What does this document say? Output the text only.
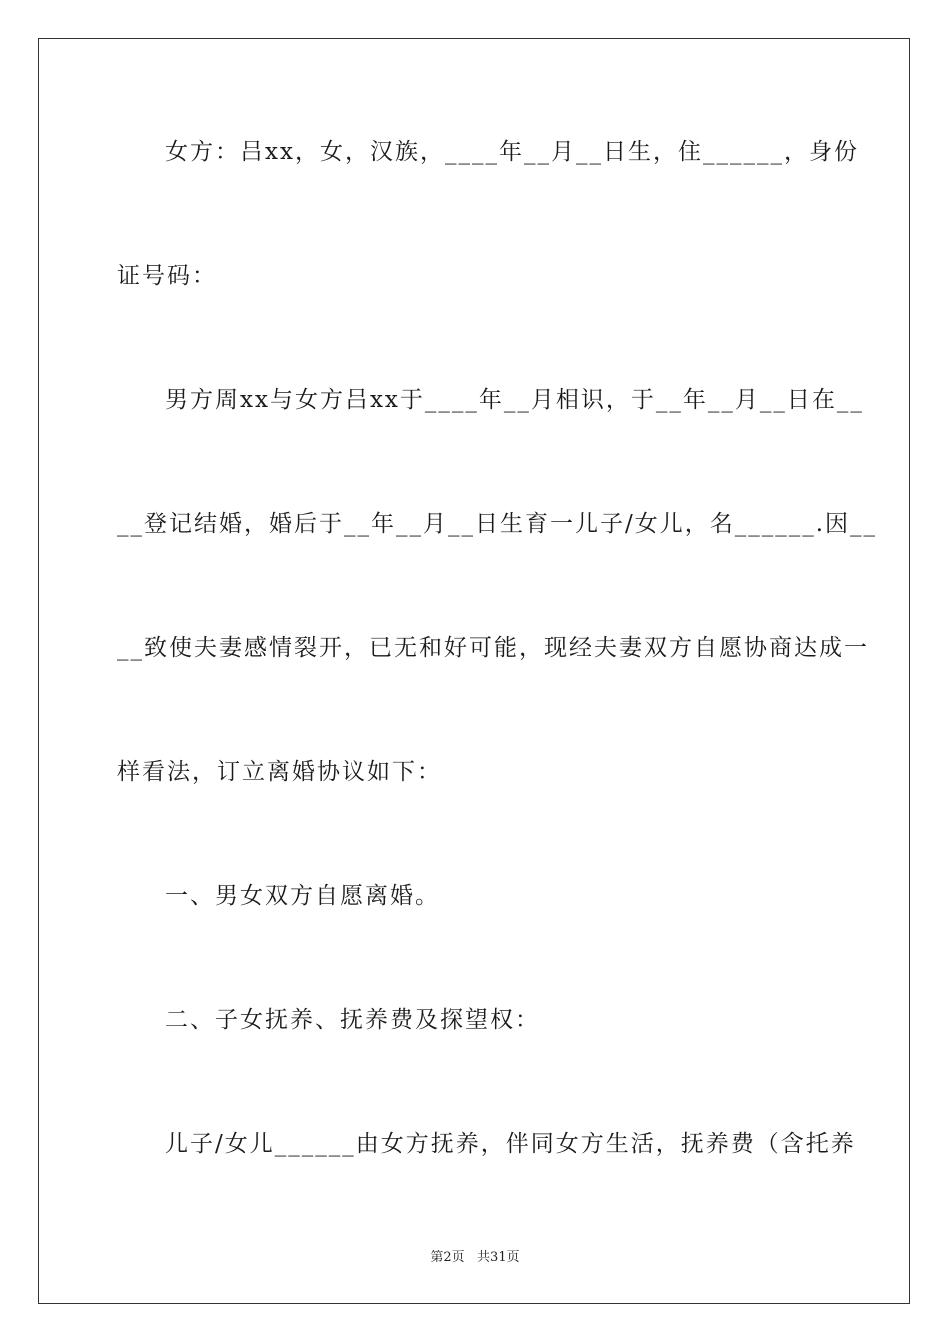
女方：吕xx，女，汉族，____年__月__日生，住______，身份
证号码：
男方周xx与女方吕xx于____年__月相识，于__年__月__日在__
__登记结婚，婚后于__年__月__日生育一儿子/女儿，名______.因__
__致使夫妻感情裂开，已无和好可能，现经夫妻双方自愿协商达成一
样看法，订立离婚协议如下：
一、男女双方自愿离婚。
二、子女抚养、抚养费及探望权：
儿子/女儿______由女方抚养，伴同女方生活，抚养费（含托养
第2页   共31页
